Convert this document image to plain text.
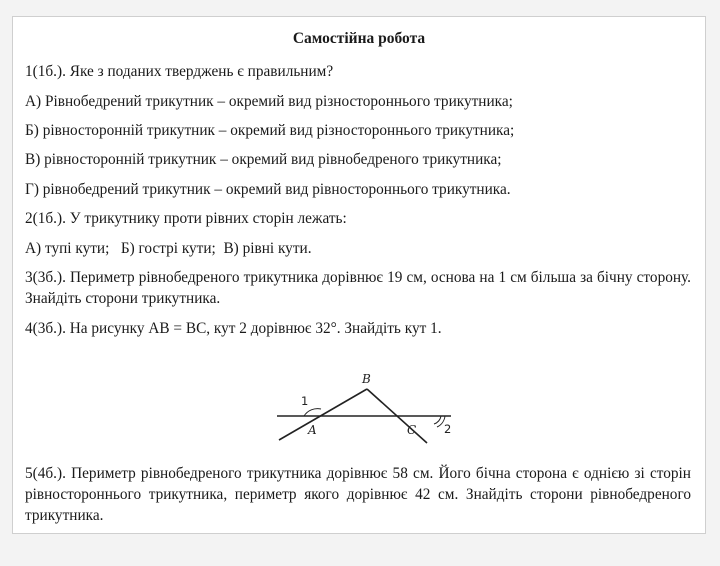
Самостійна робота
1(1б.). Яке з поданих тверджень є правильним?
А) Рівнобедрений трикутник – окремий вид різностороннього трикутника;
Б) рівносторонній трикутник – окремий вид різностороннього трикутника;
В) рівносторонній трикутник – окремий вид рівнобедреного трикутника;
Г) рівнобедрений трикутник – окремий вид рівностороннього трикутника.
2(1б.). У трикутнику проти рівних сторін лежать:
А) тупі кути;   Б) гострі кути;  В) рівні кути.
3(3б.). Периметр рівнобедреного трикутника дорівнює 19 см, основа на 1 см більша за бічну сторону. Знайдіть сторони трикутника.
4(3б.). На рисунку АВ = ВС, кут 2 дорівнює 32°. Знайдіть кут 1.
B
A	C
1
2
5(4б.). Периметр рівнобедреного трикутника дорівнює 58 см. Його бічна сторона є однією зі сторін рівностороннього трикутника, периметр якого дорівнює 42 см. Знайдіть сторони рівнобедреного трикутника.
